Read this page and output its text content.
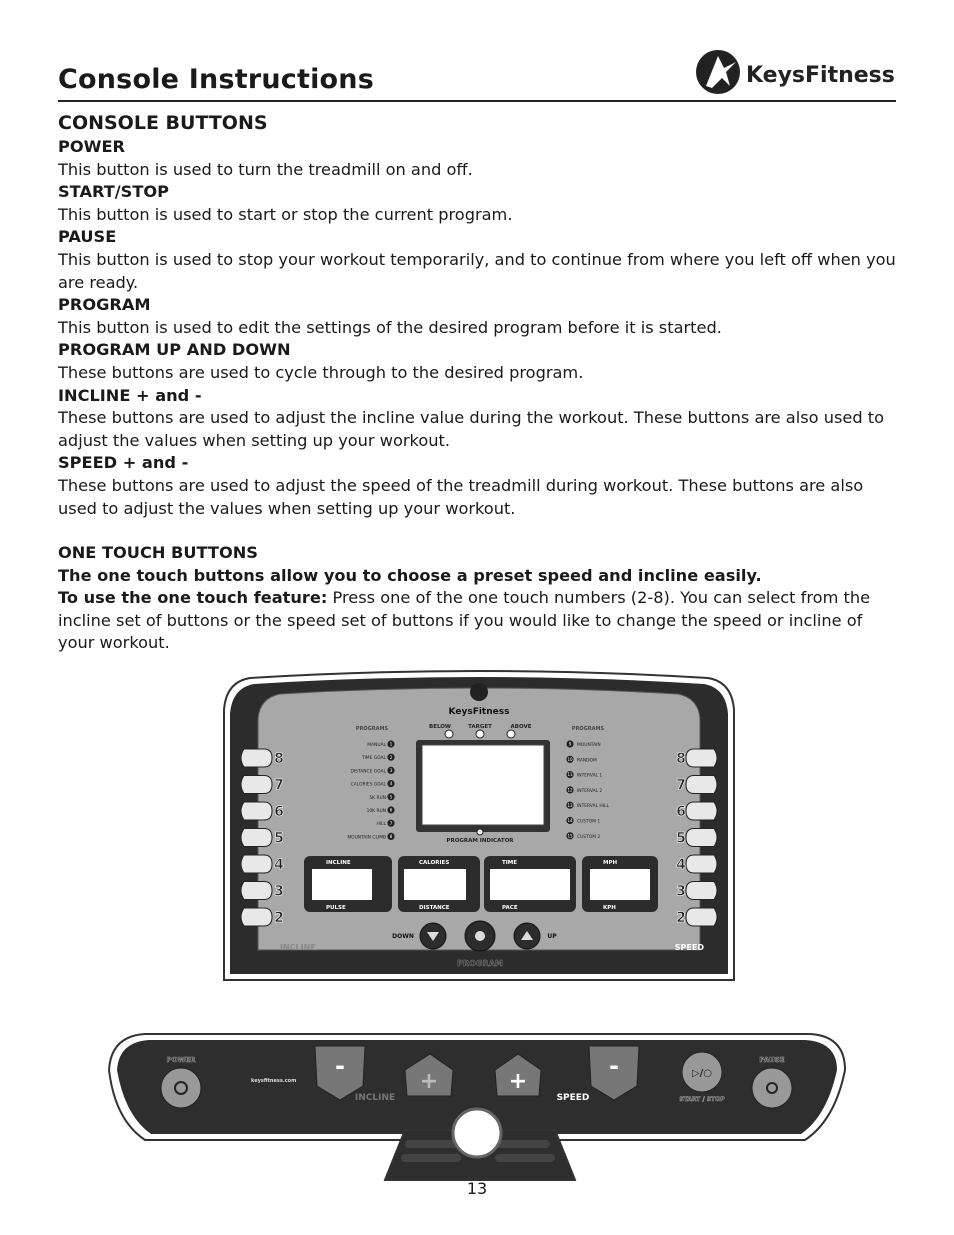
Console Instructions	KeysFitness
CONSOLE BUTTONS
POWER

This button is used to turn the treadmill on and off.

START/STOP

This button is used to start or stop the current program.

PAUSE

This button is used to stop your workout temporarily, and to continue from where you left off when you are ready.

PROGRAM

This button is used to edit the settings of the desired program before it is started.

PROGRAM UP AND DOWN

These buttons are used to cycle through to the desired program.

INCLINE + and -

These buttons are used to adjust the incline value during the workout. These buttons are also used to adjust the values when setting up your workout.

SPEED + and -

These buttons are used to adjust the speed of the treadmill during workout. These buttons are also used to adjust the values when setting up your workout.

ONE TOUCH BUTTONS
The one touch buttons allow you to choose a preset speed and incline easily.

To use the one touch feature: Press one of the one touch numbers (2-8). You can select from the incline set of buttons or the speed set of buttons if you would like to change the speed or incline of your workout.

KeysFitness
BELOW	TARGET	ABOVE
PROGRAM INDICATOR
PROGRAMS	PROGRAMS
MANUAL 1
TIME GOAL 2
DISTANCE GOAL 3
CALORIES GOAL 4
5K RUN 5
10K RUN 6
HILL 7
MOUNTAIN CLIMB 8
9 MOUNTAIN
10 RANDOM
11 INTERVAL 1
12 INTERVAL 2
13 INTERVAL HILL
14 CUSTOM 1
15 CUSTOM 2
8
7
6
5
4
3
2
8
7
6
5
4
3
2
INCLINE	CALORIES	TIME	MPH
PULSE	DISTANCE	PACE	KPH
DOWN	UP
INCLINE	SPEED
PROGRAM
POWER
keysfitness.com
-
+	+
-
INCLINE	SPEED
▷/○
START / STOP
PAUSE
13
